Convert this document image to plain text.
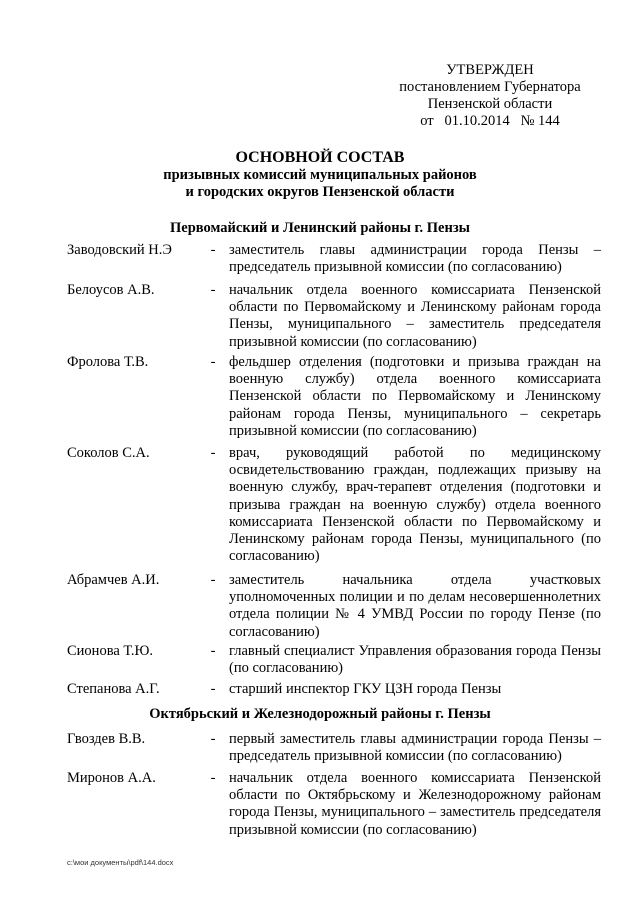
УТВЕРЖДЕН
постановлением Губернатора
Пензенской области
от 01.10.2014 № 144
ОСНОВНОЙ СОСТАВ
призывных комиссий муниципальных районов
и городских округов Пензенской области
Первомайский и Ленинский районы г. Пензы
Заводовский Н.Э	- заместитель главы администрации города Пензы – председатель призывной комиссии (по согласованию)
Белоусов А.В.	- начальник отдела военного комиссариата Пензенской области по Первомайскому и Ленинскому районам города Пензы, муниципального – заместитель председателя призывной комиссии (по согласованию)
Фролова Т.В.	- фельдшер отделения (подготовки и призыва граждан на военную службу) отдела военного комиссариата Пензенской области по Первомайскому и Ленинскому районам города Пензы, муниципального – секретарь призывной комиссии (по согласованию)
Соколов С.А.	- врач, руководящий работой по медицинскому освидетельствованию граждан, подлежащих призыву на военную службу, врач-терапевт отделения (подготовки и призыва граждан на военную службу) отдела военного комиссариата Пензенской области по Первомайскому и Ленинскому районам города Пензы, муниципального (по согласованию)
Абрамчев А.И.	- заместитель начальника отдела участковых уполномоченных полиции и по делам несовершеннолетних отдела полиции № 4 УМВД России по городу Пензе (по согласованию)
Сионова Т.Ю.	- главный специалист Управления образования города Пензы (по согласованию)
Степанова А.Г.	- старший инспектор ГКУ ЦЗН города Пензы
Октябрьский и Железнодорожный районы г. Пензы
Гвоздев В.В.	- первый заместитель главы администрации города Пензы – председатель призывной комиссии (по согласованию)
Миронов А.А.	- начальник отдела военного комиссариата Пензенской области по Октябрьскому и Железнодорожному районам города Пензы, муниципального – заместитель председателя призывной комиссии (по согласованию)
c:\мои документы\pdf\144.docx
